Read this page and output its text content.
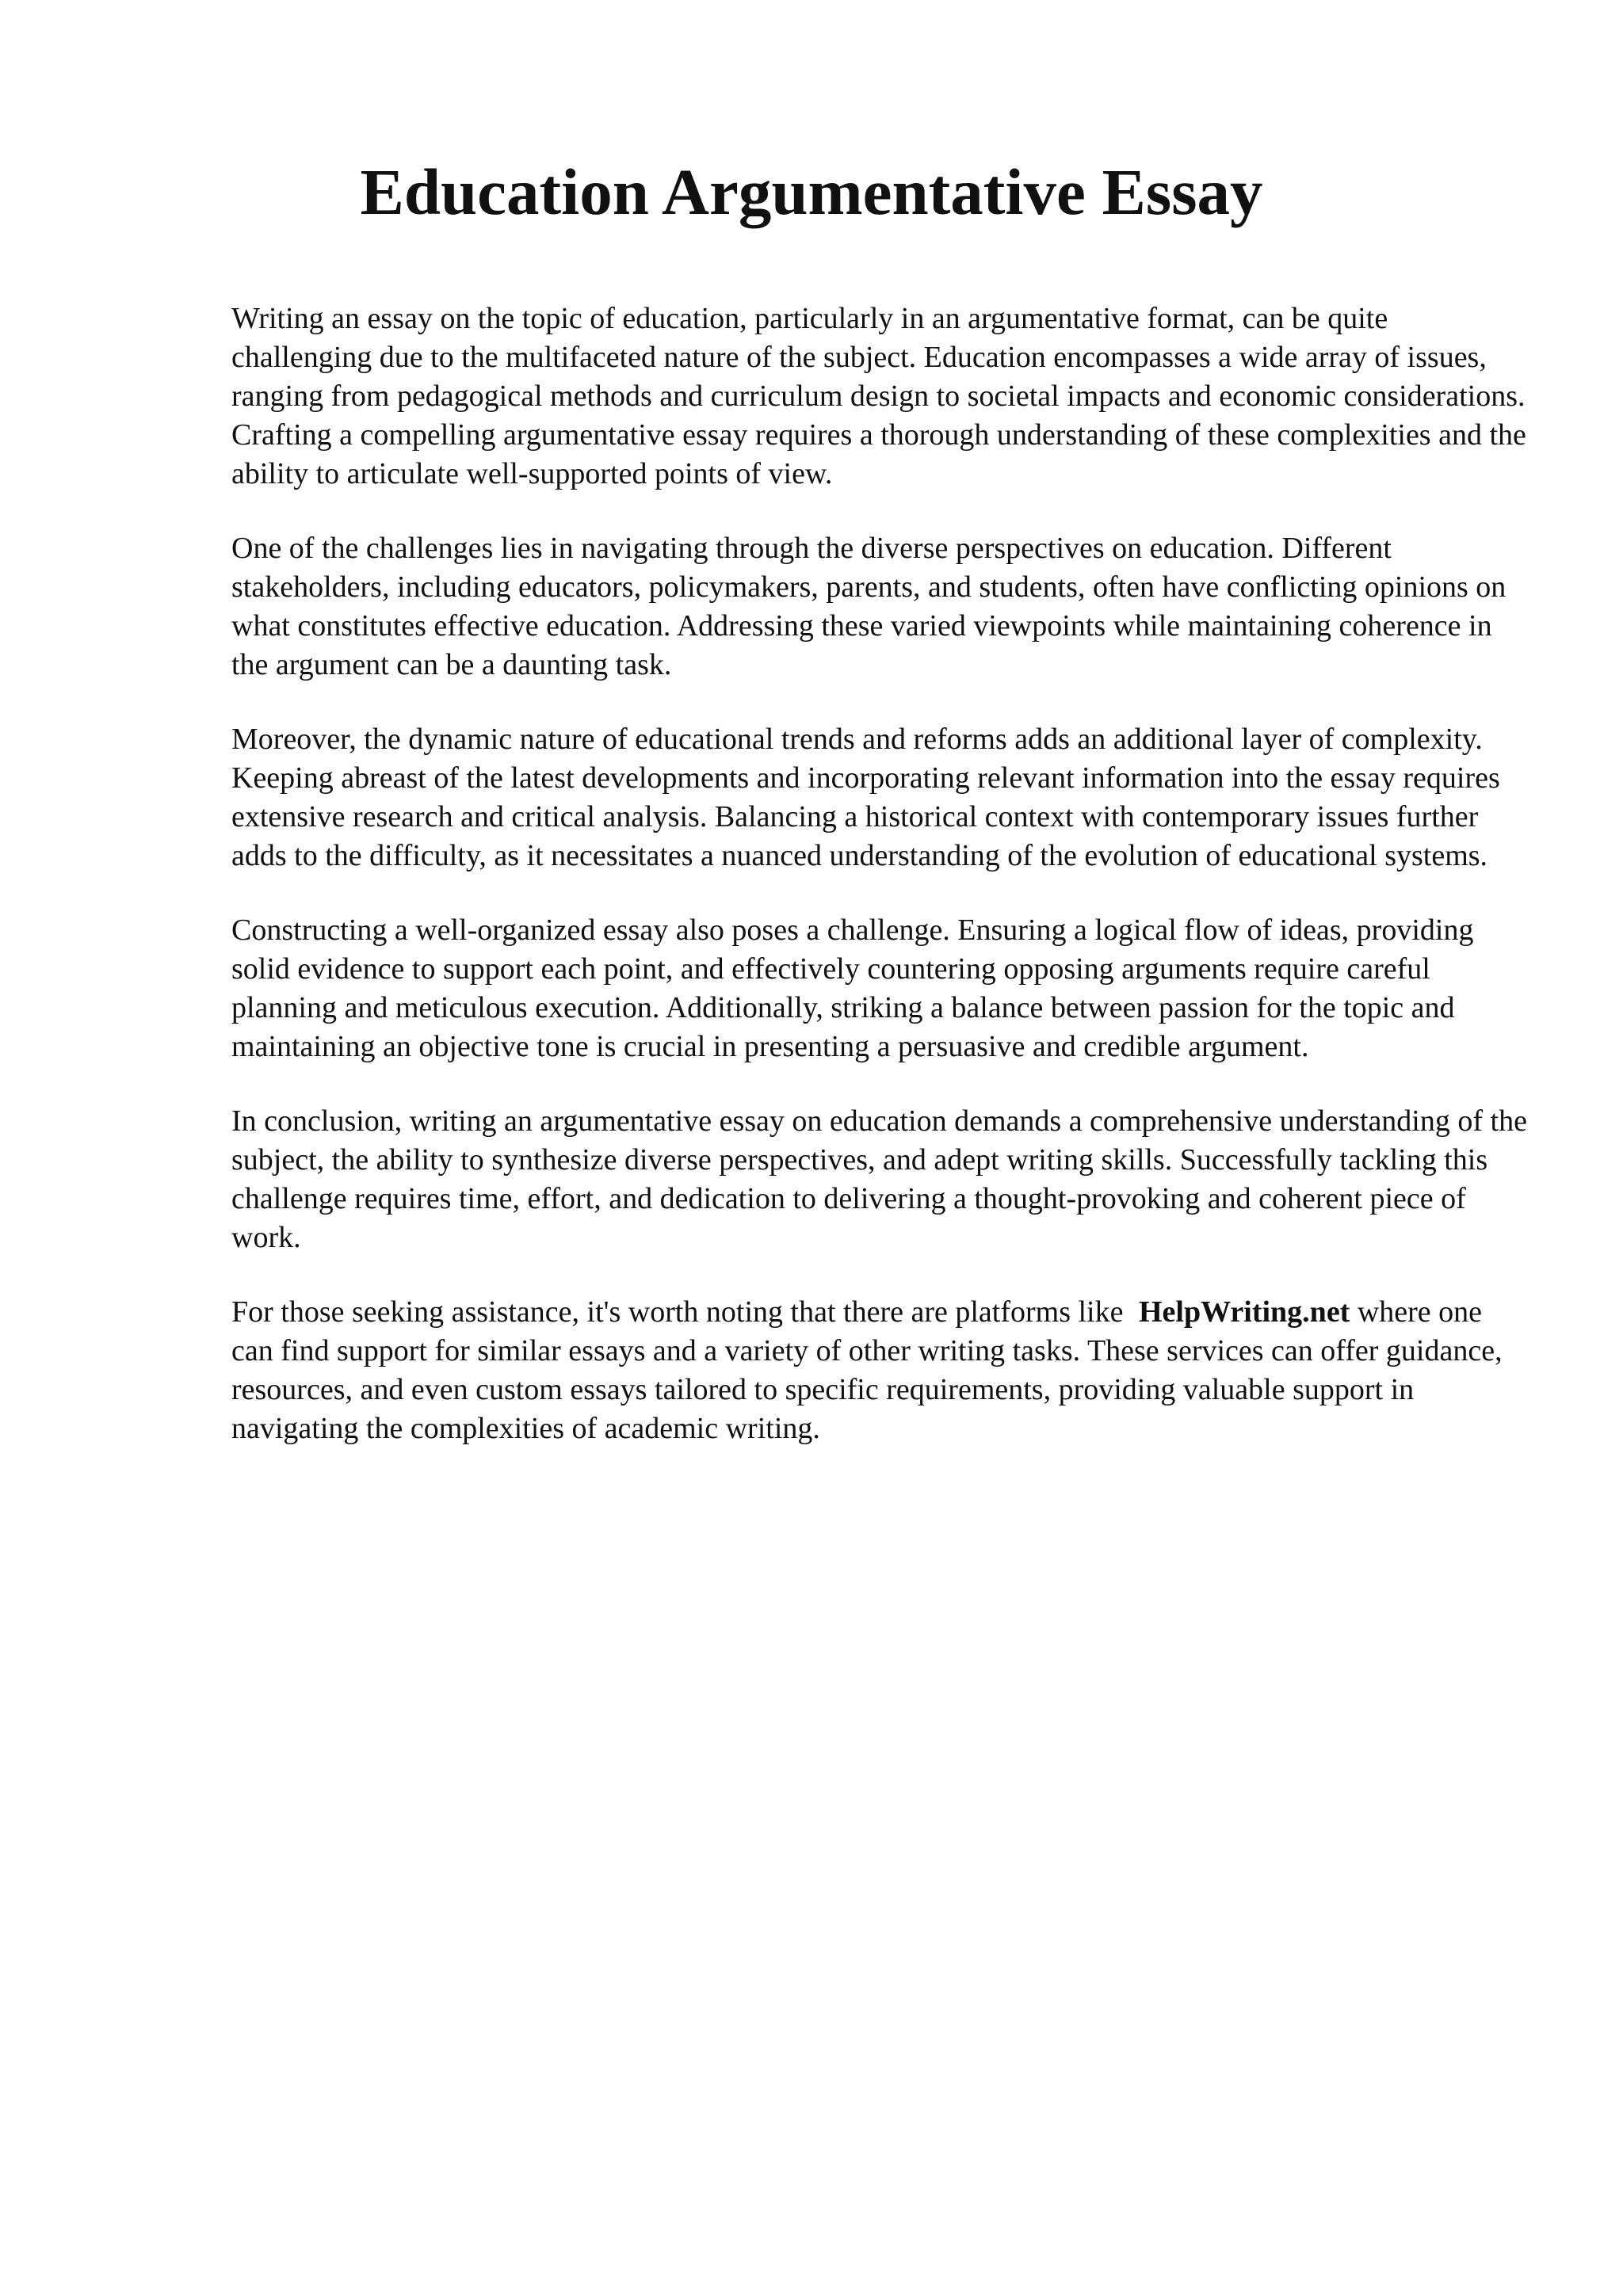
Education Argumentative Essay

Writing an essay on the topic of education, particularly in an argumentative format, can be quite challenging due to the multifaceted nature of the subject. Education encompasses a wide array of issues, ranging from pedagogical methods and curriculum design to societal impacts and economic considerations. Crafting a compelling argumentative essay requires a thorough understanding of these complexities and the ability to articulate well-supported points of view.

One of the challenges lies in navigating through the diverse perspectives on education. Different stakeholders, including educators, policymakers, parents, and students, often have conflicting opinions on what constitutes effective education. Addressing these varied viewpoints while maintaining coherence in the argument can be a daunting task.

Moreover, the dynamic nature of educational trends and reforms adds an additional layer of complexity. Keeping abreast of the latest developments and incorporating relevant information into the essay requires extensive research and critical analysis. Balancing a historical context with contemporary issues further adds to the difficulty, as it necessitates a nuanced understanding of the evolution of educational systems.

Constructing a well-organized essay also poses a challenge. Ensuring a logical flow of ideas, providing solid evidence to support each point, and effectively countering opposing arguments require careful planning and meticulous execution. Additionally, striking a balance between passion for the topic and maintaining an objective tone is crucial in presenting a persuasive and credible argument.

In conclusion, writing an argumentative essay on education demands a comprehensive understanding of the subject, the ability to synthesize diverse perspectives, and adept writing skills. Successfully tackling this challenge requires time, effort, and dedication to delivering a thought-provoking and coherent piece of work.

For those seeking assistance, it's worth noting that there are platforms like HelpWriting.net where one can find support for similar essays and a variety of other writing tasks. These services can offer guidance, resources, and even custom essays tailored to specific requirements, providing valuable support in navigating the complexities of academic writing.
